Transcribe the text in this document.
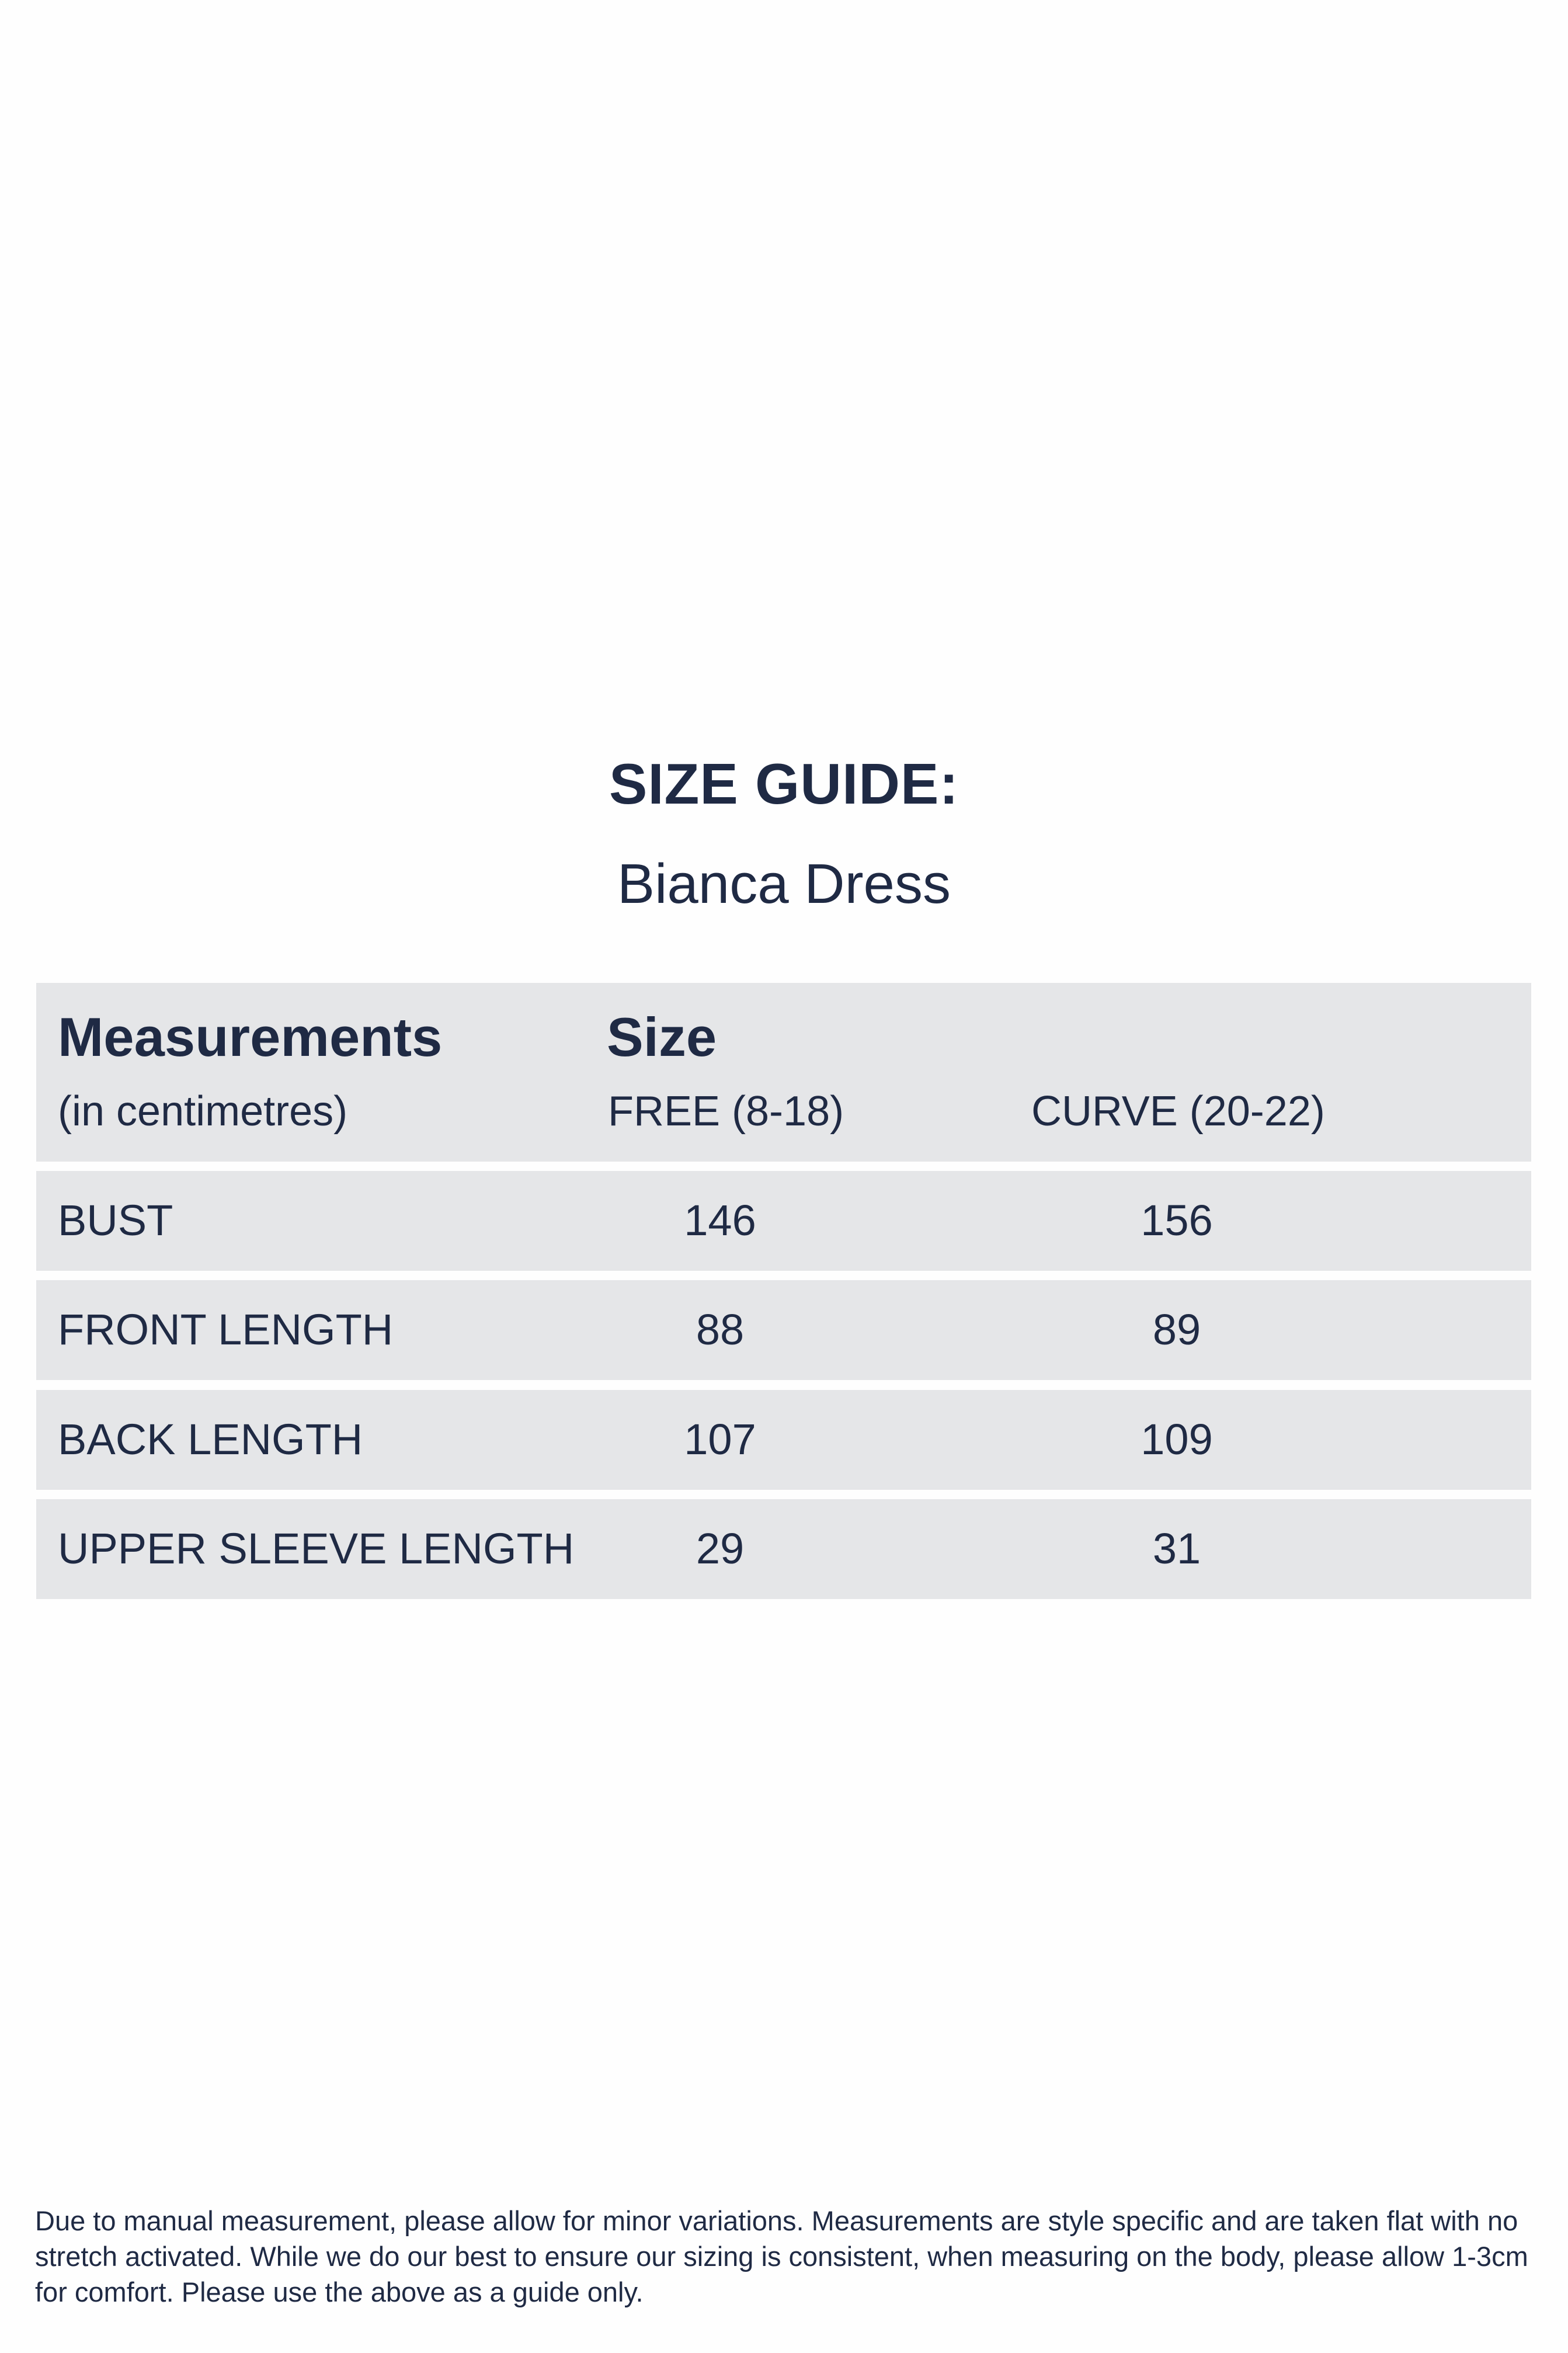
SIZE GUIDE:
Bianca Dress
Measurements
(in centimetres)
Size
FREE (8-18)	CURVE (20-22)
BUST	146	156
FRONT LENGTH	88	89
BACK LENGTH	107	109
UPPER SLEEVE LENGTH	29	31
Due to manual measurement, please allow for minor variations. Measurements are style specific and are taken flat with no stretch activated. While we do our best to ensure our sizing is consistent, when measuring on the body, please allow 1-3cm for comfort. Please use the above as a guide only.
